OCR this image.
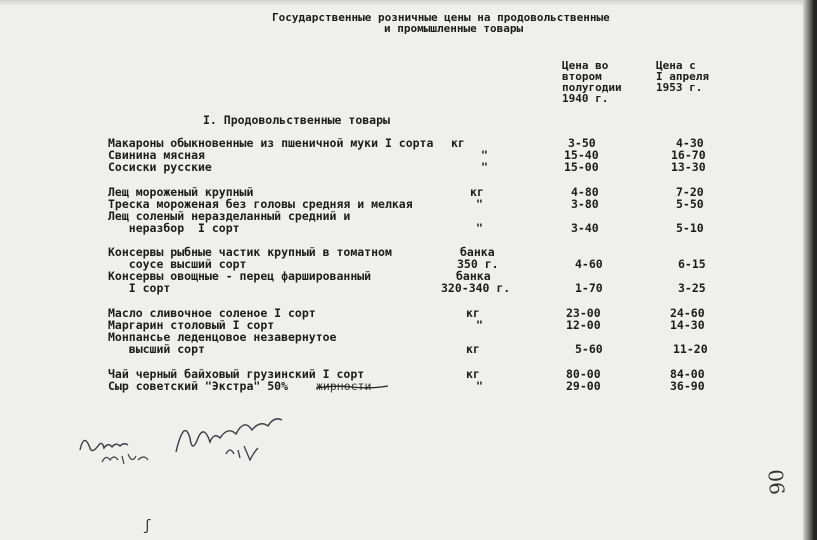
Государственные розничные цены на продовольственные
и промышленные товары
Цена во
втором
полугодии
1940 г.
Цена с
I апреля
1953 г.
I. Продовольственные товары
Макароны обыкновенные из пшеничной муки I сорта кг	3-50	4-30
Свинина мясная	"	15-40	16-70
Сосиски русские	"	15-00	13-30
Лещ мороженый крупный	кг	4-80	7-20
Треска мороженая без головы средняя и мелкая	"	3-80	5-50
Лещ соленый неразделанный средний и
неразбор  I сорт	"	3-40	5-10
Консервы рыбные частик крупный в томатном	банка
соусе высший сорт	350 г.	4-60	6-15
Консервы овощные - перец фаршированный	банка
I сорт	320-340 г.	1-70	3-25
Масло сливочное соленое I сорт	кг	23-00	24-60
Маргарин столовый I сорт	"	12-00	14-30
Монпансье леденцовое незавернутое
высший сорт	кг	5-60	11-20
Чай черный байховый грузинский I сорт	кг	80-00	84-00
Сыр советский "Экстра" 50%	"	29-00	36-90
жирности
90
ʃ
